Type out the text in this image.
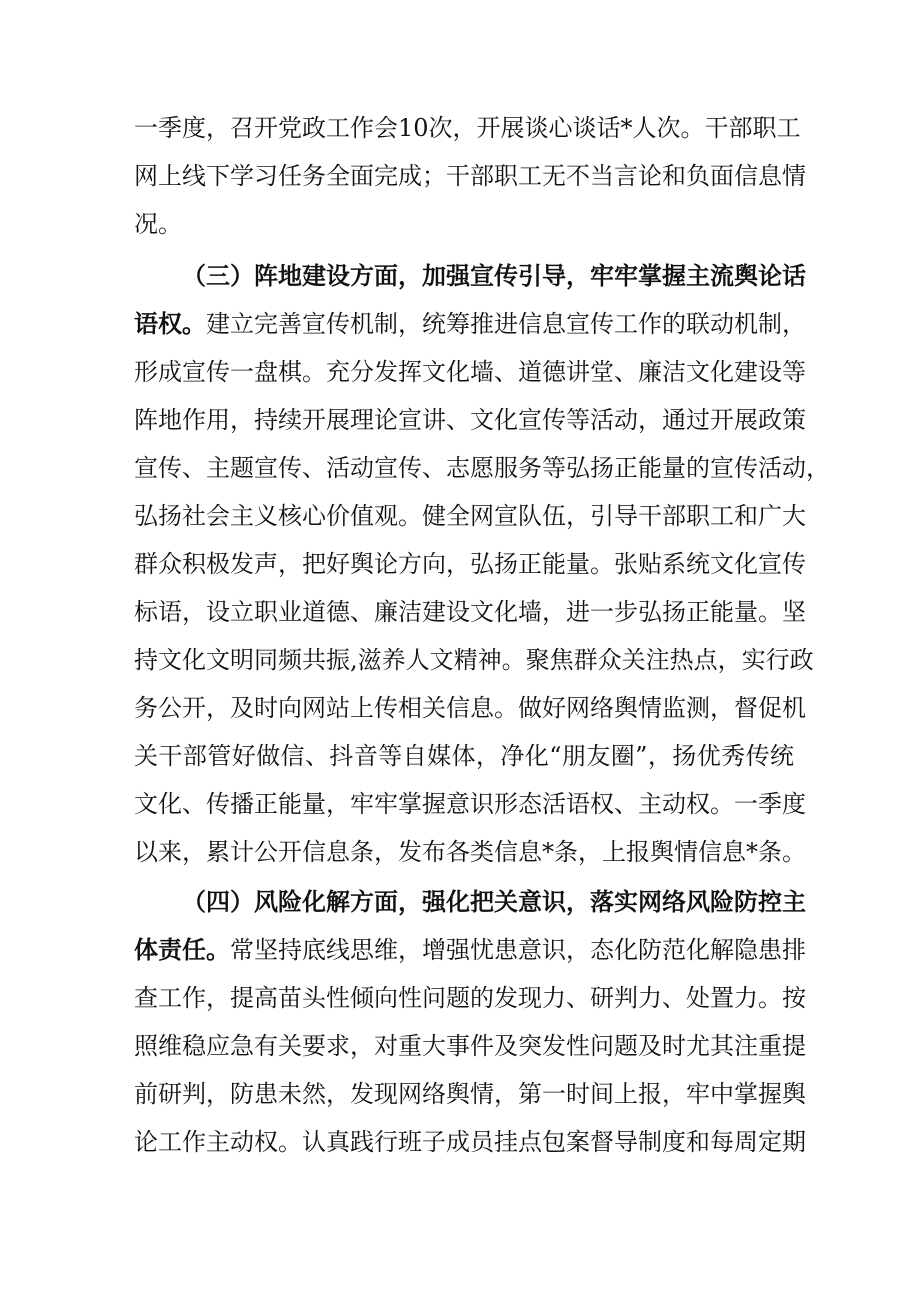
一季度，召开党政工作会10次，开展谈心谈话*人次。干部职工
网上线下学习任务全面完成；干部职工无不当言论和负面信息情
况。
（三）阵地建设方面，加强宣传引导，牢牢掌握主流舆论话
语权。建立完善宣传机制，统筹推进信息宣传工作的联动机制，
形成宣传一盘棋。充分发挥文化墙、道德讲堂、廉洁文化建设等
阵地作用，持续开展理论宣讲、文化宣传等活动，通过开展政策
宣传、主题宣传、活动宣传、志愿服务等弘扬正能量的宣传活动，
弘扬社会主义核心价值观。健全网宣队伍，引导干部职工和广大
群众积极发声，把好舆论方向，弘扬正能量。张贴系统文化宣传
标语，设立职业道德、廉洁建设文化墙，进一步弘扬正能量。坚
持文化文明同频共振,滋养人文精神。聚焦群众关注热点，实行政
务公开，及时向网站上传相关信息。做好网络舆情监测，督促机
关干部管好做信、抖音等自媒体，净化“朋友圈”，扬优秀传统
文化、传播正能量，牢牢掌握意识形态活语权、主动权。一季度
以来，累计公开信息条，发布各类信息*条，上报舆情信息*条。
（四）风险化解方面，强化把关意识，落实网络风险防控主
体责任。常坚持底线思维，增强忧患意识，态化防范化解隐患排
查工作，提高苗头性倾向性问题的发现力、研判力、处置力。按
照维稳应急有关要求，对重大事件及突发性问题及时尤其注重提
前研判，防患未然，发现网络舆情，第一时间上报，牢中掌握舆
论工作主动权。认真践行班子成员挂点包案督导制度和每周定期
